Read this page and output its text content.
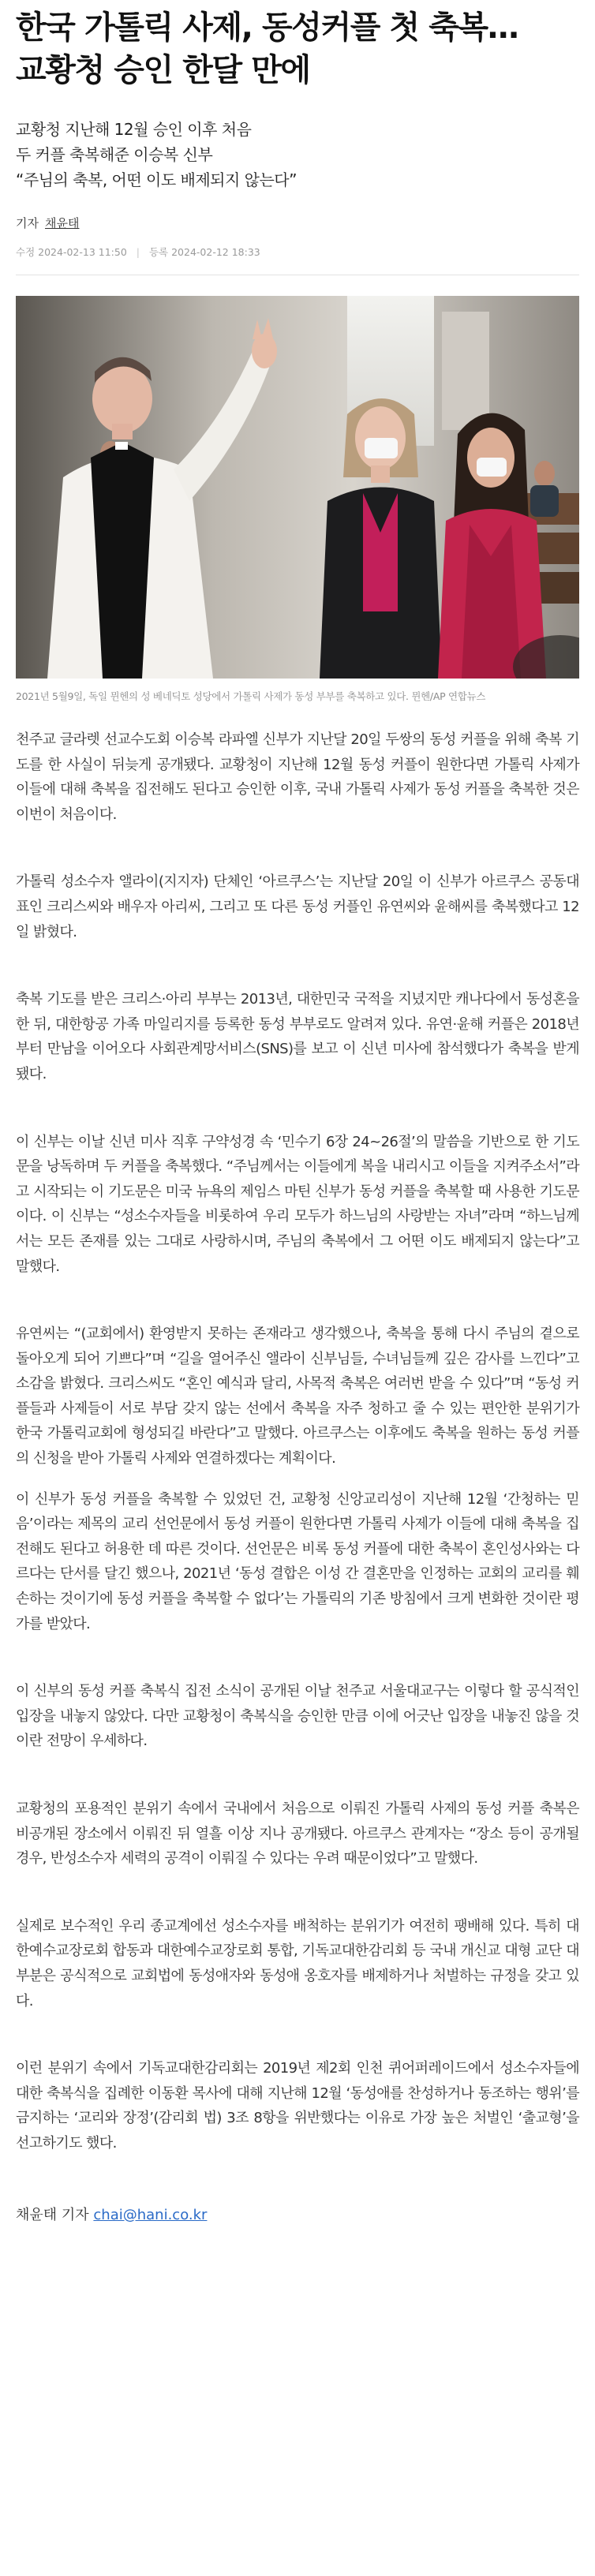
한국 가톨릭 사제, 동성커플 첫 축복…
교황청 승인 한달 만에
교황청 지난해 12월 승인 이후 처음
두 커플 축복해준 이승복 신부
“주님의 축복, 어떤 이도 배제되지 않는다”
기자 채윤태
수정 2024-02-13 11:50 | 등록 2024-02-12 18:33
2021년 5월9일, 독일 뮌헨의 성 베네딕토 성당에서 가톨릭 사제가 동성 부부를 축복하고 있다. 뮌헨/AP 연합뉴스

천주교 글라렛 선교수도회 이승복 라파엘 신부가 지난달 20일 두쌍의 동성 커플을 위해 축복 기도를 한 사실이 뒤늦게 공개됐다. 교황청이 지난해 12월 동성 커플이 원한다면 가톨릭 사제가 이들에 대해 축복을 집전해도 된다고 승인한 이후, 국내 가톨릭 사제가 동성 커플을 축복한 것은 이번이 처음이다.

가톨릭 성소수자 앨라이(지지자) 단체인 ‘아르쿠스’는 지난달 20일 이 신부가 아르쿠스 공동대표인 크리스씨와 배우자 아리씨, 그리고 또 다른 동성 커플인 유연씨와 윤해씨를 축복했다고 12일 밝혔다.

축복 기도를 받은 크리스·아리 부부는 2013년, 대한민국 국적을 지녔지만 캐나다에서 동성혼을 한 뒤, 대한항공 가족 마일리지를 등록한 동성 부부로도 알려져 있다. 유연·윤해 커플은 2018년부터 만남을 이어오다 사회관계망서비스(SNS)를 보고 이 신년 미사에 참석했다가 축복을 받게 됐다.

이 신부는 이날 신년 미사 직후 구약성경 속 ‘민수기 6장 24~26절’의 말씀을 기반으로 한 기도문을 낭독하며 두 커플을 축복했다. “주님께서는 이들에게 복을 내리시고 이들을 지켜주소서”라고 시작되는 이 기도문은 미국 뉴욕의 제임스 마틴 신부가 동성 커플을 축복할 때 사용한 기도문이다. 이 신부는 “성소수자들을 비롯하여 우리 모두가 하느님의 사랑받는 자녀”라며 “하느님께서는 모든 존재를 있는 그대로 사랑하시며, 주님의 축복에서 그 어떤 이도 배제되지 않는다”고 말했다.

유연씨는 “(교회에서) 환영받지 못하는 존재라고 생각했으나, 축복을 통해 다시 주님의 곁으로 돌아오게 되어 기쁘다”며 “길을 열어주신 앨라이 신부님들, 수녀님들께 깊은 감사를 느낀다”고 소감을 밝혔다. 크리스씨도 “혼인 예식과 달리, 사목적 축복은 여러번 받을 수 있다”며 “동성 커플들과 사제들이 서로 부담 갖지 않는 선에서 축복을 자주 청하고 줄 수 있는 편안한 분위기가 한국 가톨릭교회에 형성되길 바란다”고 말했다. 아르쿠스는 이후에도 축복을 원하는 동성 커플의 신청을 받아 가톨릭 사제와 연결하겠다는 계획이다.

이 신부가 동성 커플을 축복할 수 있었던 건, 교황청 신앙교리성이 지난해 12월 ‘간청하는 믿음’이라는 제목의 교리 선언문에서 동성 커플이 원한다면 가톨릭 사제가 이들에 대해 축복을 집전해도 된다고 허용한 데 따른 것이다. 선언문은 비록 동성 커플에 대한 축복이 혼인성사와는 다르다는 단서를 달긴 했으나, 2021년 ‘동성 결합은 이성 간 결혼만을 인정하는 교회의 교리를 훼손하는 것이기에 동성 커플을 축복할 수 없다’는 가톨릭의 기존 방침에서 크게 변화한 것이란 평가를 받았다.

이 신부의 동성 커플 축복식 집전 소식이 공개된 이날 천주교 서울대교구는 이렇다 할 공식적인 입장을 내놓지 않았다. 다만 교황청이 축복식을 승인한 만큼 이에 어긋난 입장을 내놓진 않을 것이란 전망이 우세하다.

교황청의 포용적인 분위기 속에서 국내에서 처음으로 이뤄진 가톨릭 사제의 동성 커플 축복은 비공개된 장소에서 이뤄진 뒤 열흘 이상 지나 공개됐다. 아르쿠스 관계자는 “장소 등이 공개될 경우, 반성소수자 세력의 공격이 이뤄질 수 있다는 우려 때문이었다”고 말했다.

실제로 보수적인 우리 종교계에선 성소수자를 배척하는 분위기가 여전히 팽배해 있다. 특히 대한예수교장로회 합동과 대한예수교장로회 통합, 기독교대한감리회 등 국내 개신교 대형 교단 대부분은 공식적으로 교회법에 동성애자와 동성애 옹호자를 배제하거나 처벌하는 규정을 갖고 있다.

이런 분위기 속에서 기독교대한감리회는 2019년 제2회 인천 퀴어퍼레이드에서 성소수자들에 대한 축복식을 집례한 이동환 목사에 대해 지난해 12월 ‘동성애를 찬성하거나 동조하는 행위’를 금지하는 ‘교리와 장정’(감리회 법) 3조 8항을 위반했다는 이유로 가장 높은 처벌인 ‘출교형’을 선고하기도 했다.

채윤태 기자 chai@hani.co.kr
